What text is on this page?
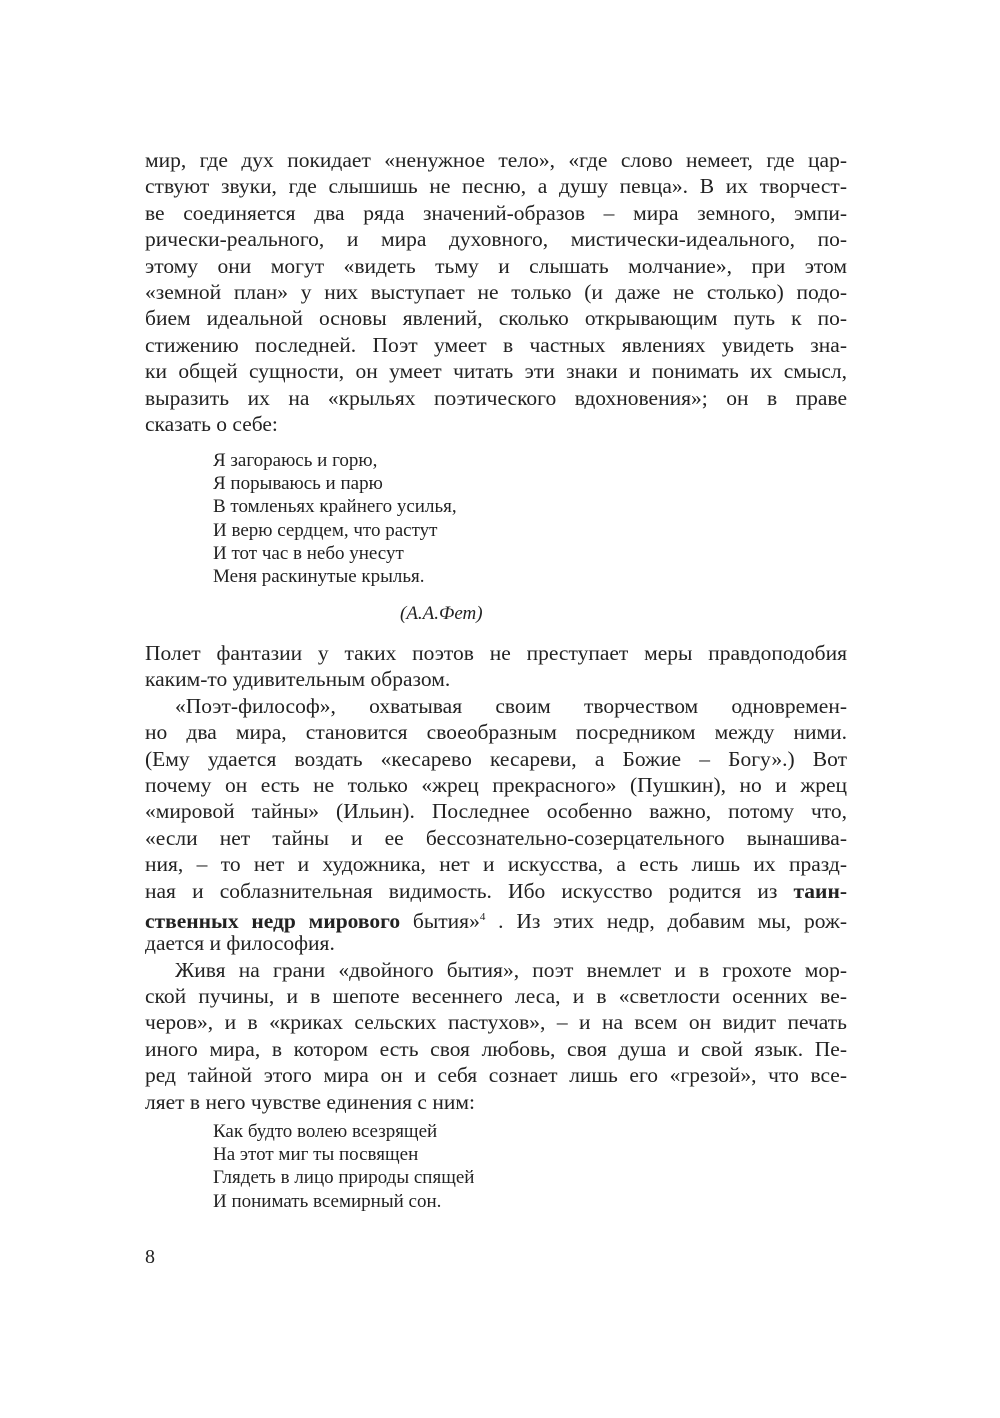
мир, где дух покидает «ненужное тело», «где слово немеет, где цар-
ствуют звуки, где слышишь не песню, а душу певца». В их творчест-
ве соединяется два ряда значений-образов – мира земного, эмпи-
рически-реального, и мира духовного, мистически-идеального, по-
этому они могут «видеть тьму и слышать молчание», при этом
«земной план» у них выступает не только (и даже не столько) подо-
бием идеальной основы явлений, сколько открывающим путь к по-
стижению последней. Поэт умеет в частных явлениях увидеть зна-
ки общей сущности, он умеет читать эти знаки и понимать их смысл,
выразить их на «крыльях поэтического вдохновения»; он в праве
сказать о себе:
Я загораюсь и горю,
Я порываюсь и парю
В томленьях крайнего усилья,
И верю сердцем, что растут
И тот час в небо унесут
Меня раскинутые крылья.
(А.А.Фет)
Полет фантазии у таких поэтов не преступает меры правдоподобия
каким-то удивительным образом.
«Поэт-философ», охватывая своим творчеством одновремен-
но два мира, становится своеобразным посредником между ними.
(Ему удается воздать «кесарево кесареви, а Божие – Богу».) Вот
почему он есть не только «жрец прекрасного» (Пушкин), но и жрец
«мировой тайны» (Ильин). Последнее особенно важно, потому что,
«если нет тайны и ее бессознательно-созерцательного вынашива-
ния, – то нет и художника, нет и искусства, а есть лишь их празд-
ная и соблазнительная видимость. Ибо искусство родится из таин-
ственных недр мирового бытия»$^4$ . Из этих недр, добавим мы, рож-
дается и философия.
Живя на грани «двойного бытия», поэт внемлет и в грохоте мор-
ской пучины, и в шепоте весеннего леса, и в «светлости осенних ве-
черов», и в «криках сельских пастухов», – и на всем он видит печать
иного мира, в котором есть своя любовь, своя душа и свой язык. Пе-
ред тайной этого мира он и себя сознает лишь его «грезой», что все-
ляет в него чувстве единения с ним:
Как будто волею всезрящей
На этот миг ты посвящен
Глядеть в лицо природы спящей
И понимать всемирный сон.
8
